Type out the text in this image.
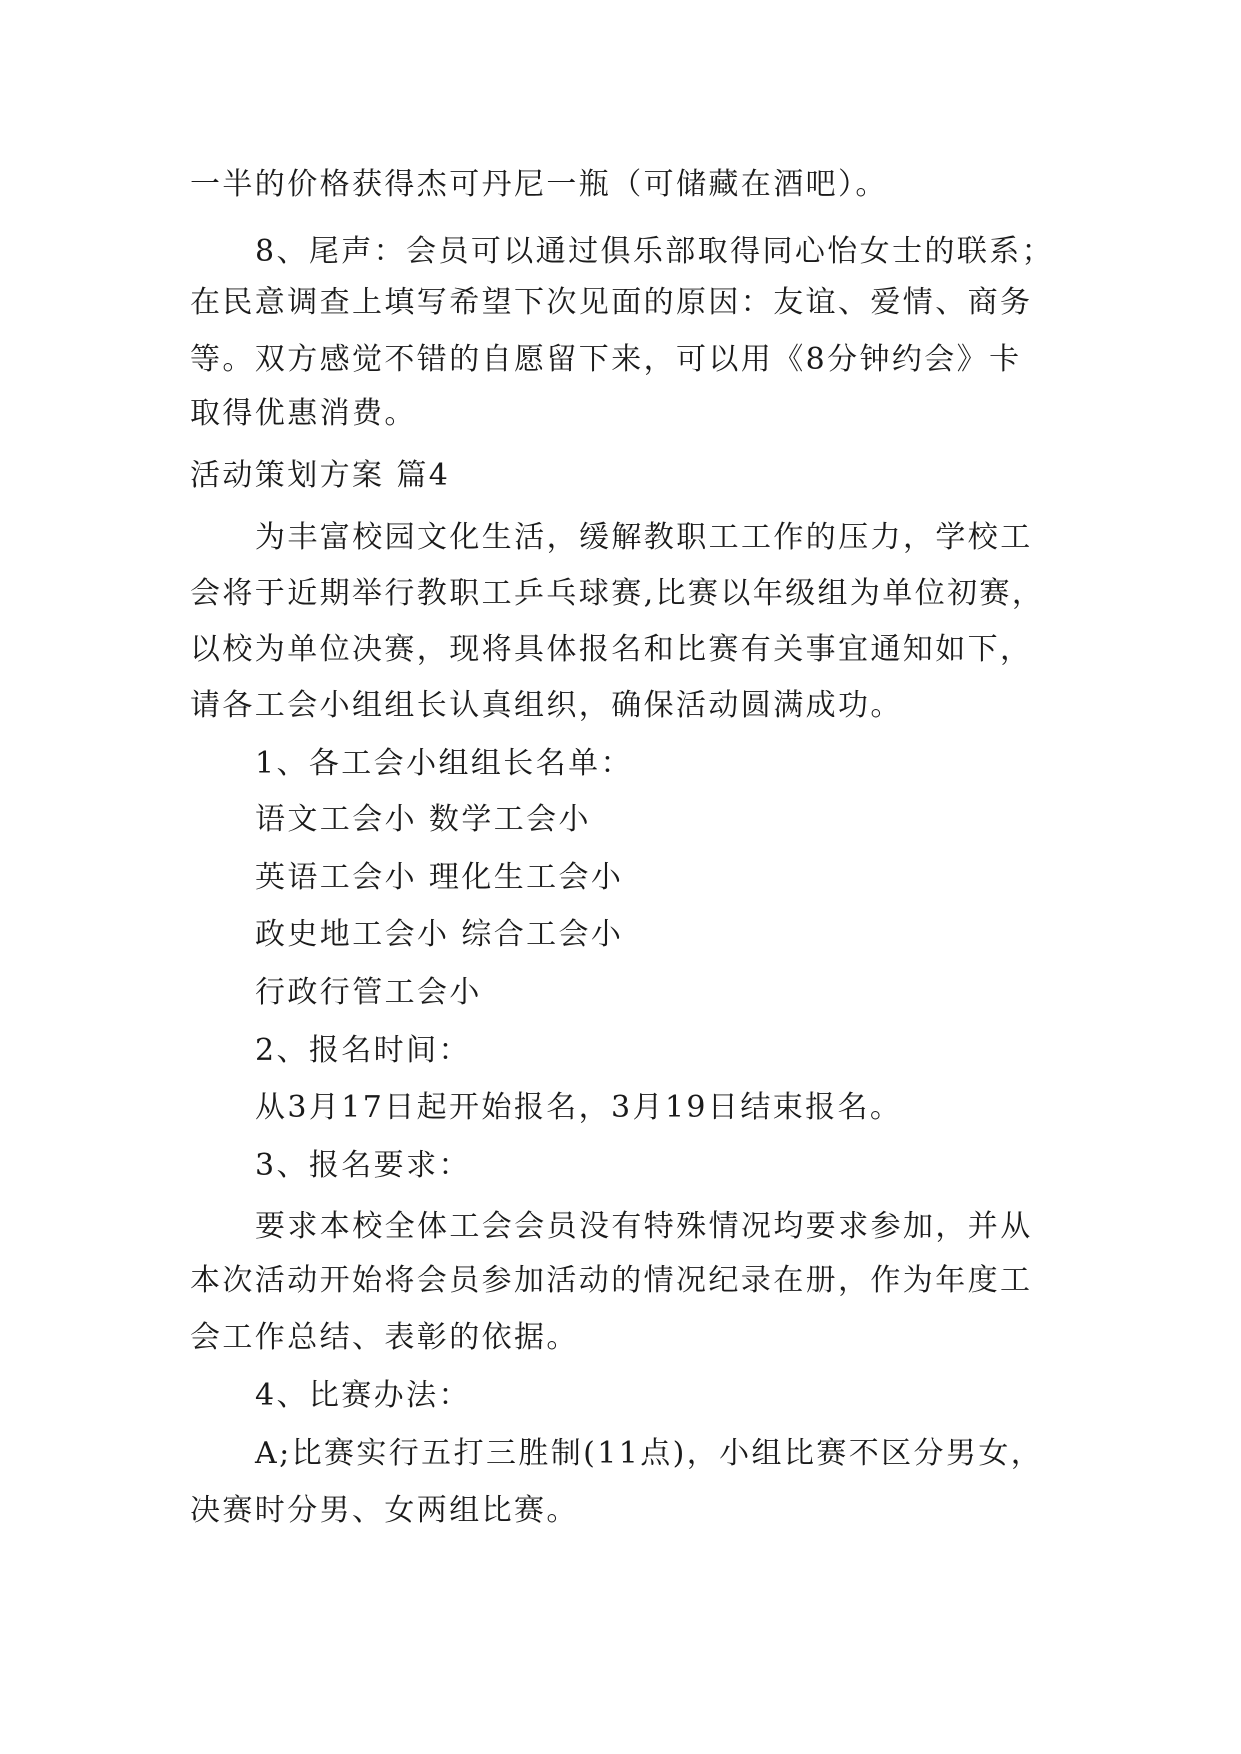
一半的价格获得杰可丹尼一瓶（可储藏在酒吧）。
8、尾声：会员可以通过俱乐部取得同心怡女士的联系；
在民意调查上填写希望下次见面的原因：友谊、爱情、商务
等。双方感觉不错的自愿留下来，可以用《8分钟约会》卡
取得优惠消费。
活动策划方案 篇4
为丰富校园文化生活，缓解教职工工作的压力，学校工
会将于近期举行教职工乒乓球赛,比赛以年级组为单位初赛，
以校为单位决赛，现将具体报名和比赛有关事宜通知如下，
请各工会小组组长认真组织，确保活动圆满成功。
1、各工会小组组长名单：
语文工会小 数学工会小
英语工会小 理化生工会小
政史地工会小 综合工会小
行政行管工会小
2、报名时间：
从3月17日起开始报名，3月19日结束报名。
3、报名要求：
要求本校全体工会会员没有特殊情况均要求参加，并从
本次活动开始将会员参加活动的情况纪录在册，作为年度工
会工作总结、表彰的依据。
4、比赛办法：
A;比赛实行五打三胜制(11点)，小组比赛不区分男女，
决赛时分男、女两组比赛。
